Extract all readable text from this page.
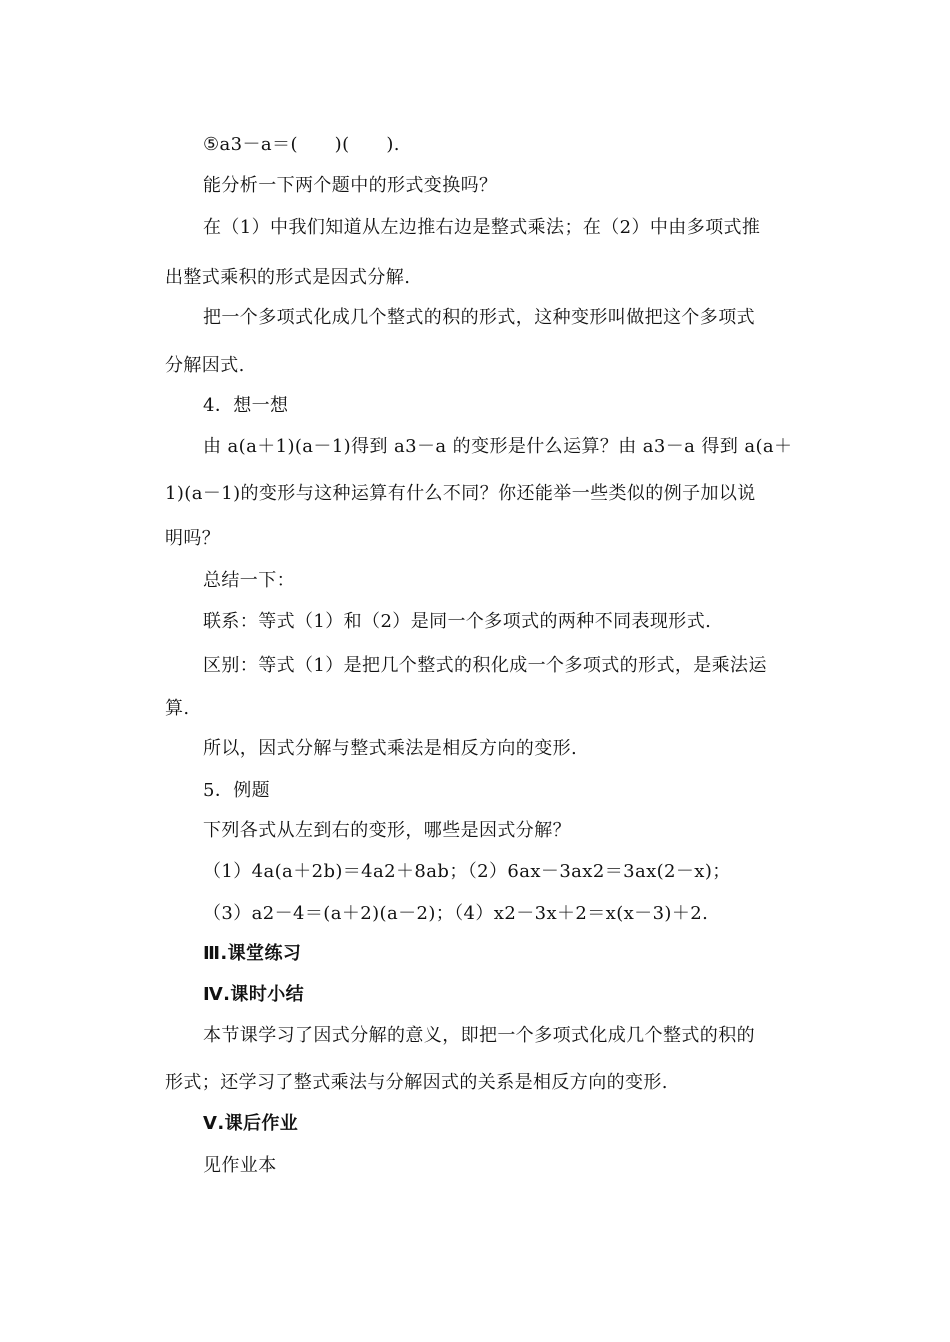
⑤a3－a＝(　　)(　　).
能分析一下两个题中的形式变换吗？
在（1）中我们知道从左边推右边是整式乘法；在（2）中由多项式推
出整式乘积的形式是因式分解.
把一个多项式化成几个整式的积的形式，这种变形叫做把这个多项式
分解因式.
4．想一想
由 a(a＋1)(a－1)得到 a3－a 的变形是什么运算？由 a3－a 得到 a(a＋
1)(a－1)的变形与这种运算有什么不同？你还能举一些类似的例子加以说
明吗？
总结一下：
联系：等式（1）和（2）是同一个多项式的两种不同表现形式.
区别：等式（1）是把几个整式的积化成一个多项式的形式，是乘法运
算.
所以，因式分解与整式乘法是相反方向的变形.
5．例题
下列各式从左到右的变形，哪些是因式分解？
（1）4a(a＋2b)＝4a2＋8ab；（2）6ax－3ax2＝3ax(2－x)；
（3）a2－4＝(a＋2)(a－2)；（4）x2－3x＋2＝x(x－3)＋2.
Ⅲ.课堂练习
Ⅳ.课时小结
本节课学习了因式分解的意义，即把一个多项式化成几个整式的积的
形式；还学习了整式乘法与分解因式的关系是相反方向的变形.
Ⅴ.课后作业
见作业本
